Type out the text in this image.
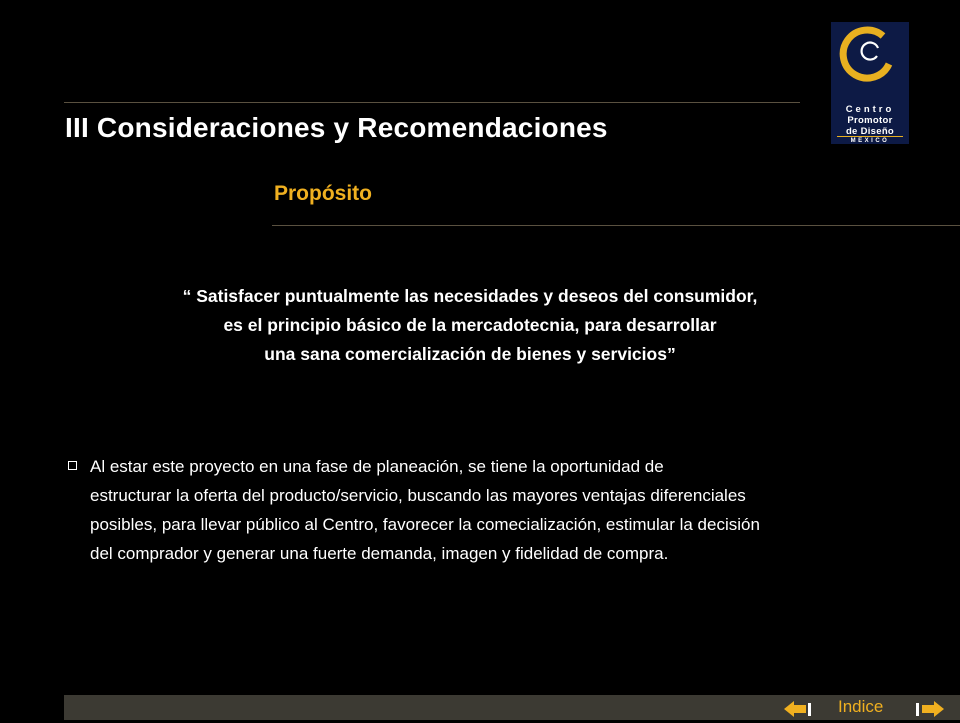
III Consideraciones y Recomendaciones
Centro
Promotor
de Diseño
MEXICO
Propósito
“ Satisfacer puntualmente las necesidades y deseos del consumidor,
es el principio básico de la mercadotecnia, para desarrollar
una sana comercialización de bienes y servicios”
Al estar este proyecto en una fase de planeación, se tiene la oportunidad de
estructurar la oferta del producto/servicio, buscando las mayores ventajas diferenciales
posibles, para llevar público al Centro, favorecer la comecialización, estimular la decisión
del comprador y generar una fuerte demanda, imagen y fidelidad de compra.
Indice
